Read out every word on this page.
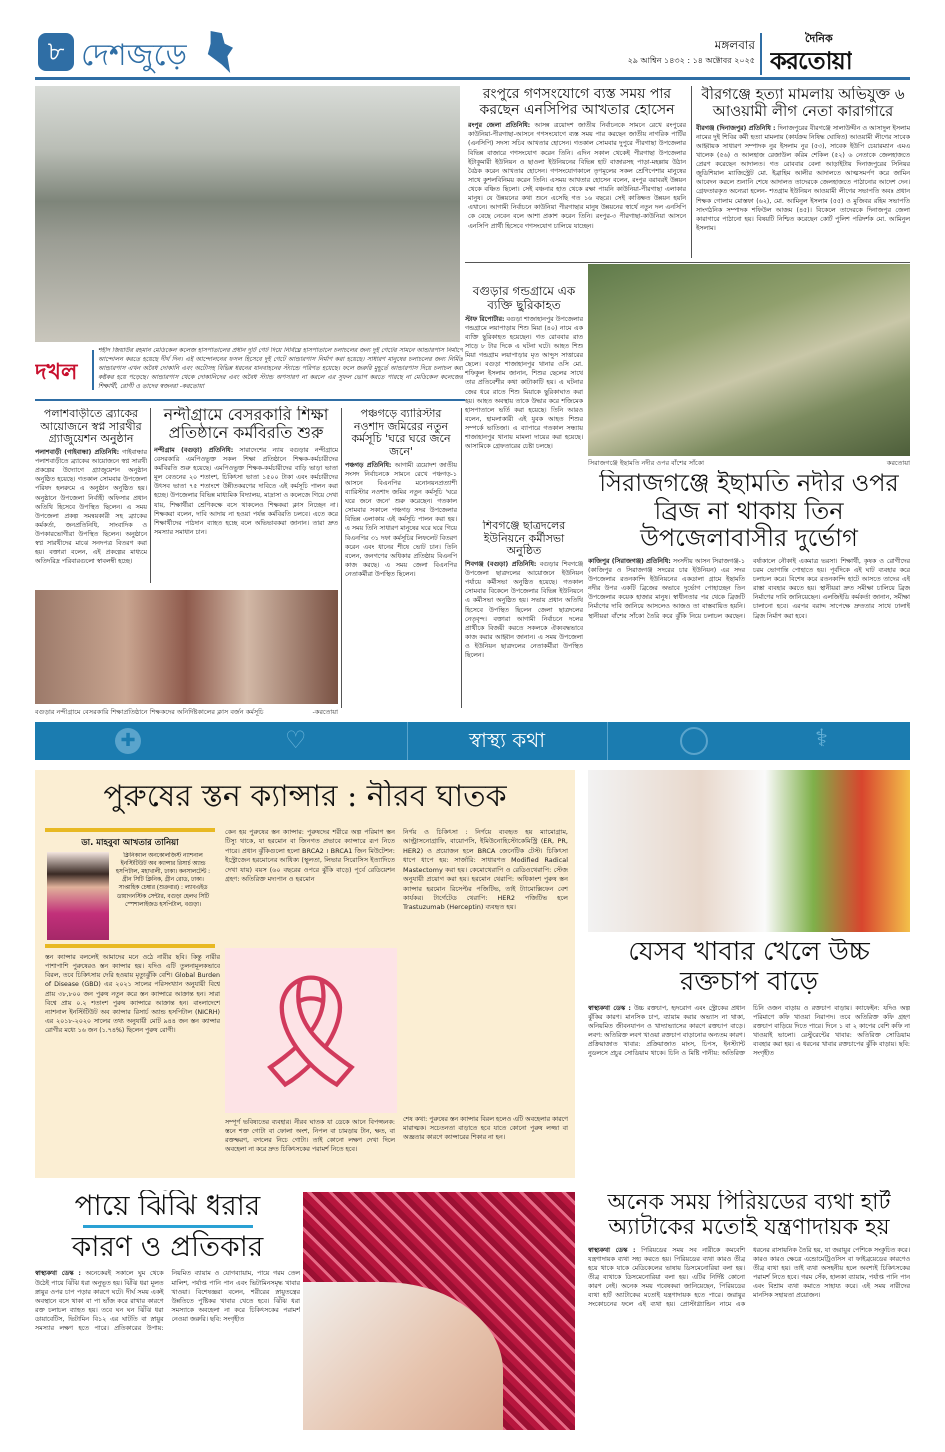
৮ দেশজুড়ে	মঙ্গলবার
২৯ আশ্বিন ১৪৩২ : ১৪ অক্টোবর ২০২৫
দৈনিক
করতোয়া
দখল
শহীদ জিয়াউর রহমান মেডিকেল কলেজ হাসপাতালের প্রধান দুটি গেট দিয়ে নির্বিঘ্নে হাসপাতালে চলাচলের জন্য দুই গেটের সামনে আন্ডারপাস নির্মাণে আন্দোলন করতে হয়েছে দীর্ঘ দিন। এই আন্দোলনের ফসল হিসেবে দুই গেটে আন্ডারপাস নির্মাণ করা হয়েছে। সাধারণ মানুষের চলাচলের জন্য নির্মিত আন্ডারপাস এখন অবৈধ দোকানি এবং অটোসহ বিভিন্ন ধরনের যানবাহনের স্ট্যান্ডে পরিণত হয়েছে। ফলে জরুরি মুহূর্তে আন্ডারপাস দিয়ে চলাচল করা কষ্টকর হয়ে পড়েছে। আন্ডারপাস থেকে দোকানিদের এবং অবৈধ স্ট্যান্ড অপসারণ না করলে এর সুফল ভোগ করতে পারছে না মেডিকেল কলেজের শিক্ষার্থী, রোগী ও তাদের স্বজনরা -করতোয়া
রংপুরে গণসংযোগে ব্যস্ত সময় পার করছেন এনসিপির আখতার হোসেন
রংপুর জেলা প্রতিনিধি: আসন্ন ত্রয়োদশ জাতীয় নির্বাচনকে সামনে রেখে রংপুরের কাউনিয়া-পীরগাছা-আসনে গণসংযোগে ব্যস্ত সময় পার করছেন জাতীয় নাগরিক পার্টির (এনসিপি) সদস্য সচিব আখতার হোসেন। গতকাল সোমবার দুপুরে পীরগাছা উপজেলার বিভিন্ন বাজারে গণসংযোগ করেন তিনি। এদিন সকাল থেকেই পীরগাছা উপজেলার ইটাকুমারী ইউনিয়ন ও ছাওলা ইউনিয়নের বিভিন্ন হাট বাজারসহ পাড়া-মহল্লায় উঠান বৈঠক করেন আখতার হোসেন। গণসংযোগকালে তৃণমূলের সকল শ্রেণিপেশার মানুষের সাথে কুশলবিনিময় করেন তিনি। এসময় আখতার হোসেন বলেন, রংপুর বরাবরই উন্নয়ন থেকে বঞ্চিত ছিলো। সেই বঞ্চনার হাত থেকে রক্ষা পায়নি কাউনিয়া-পীরগাছা এলাকার মানুষ। যে উন্নয়নের কথা শুনে এসেছি গত ১৬ বছরে। সেই কাঙ্ক্ষিত উন্নয়ন হয়নি এখানে। আগামী নির্বাচনে কাউনিয়া পীরগাছার মানুষ উন্নয়নের স্বার্থে নতুন দল এনসিপি কে বেছে নেবেন বলে আশা প্রকাশ করেন তিনি। রংপুর-৩ পীরগাছা-কাউনিয়া আসনে এনসিপি প্রার্থী হিসেবে গণসংযোগ চালিয়ে যাচ্ছেন।
বীরগঞ্জে হত্যা মামলায় অভিযুক্ত ৬ আওয়ামী লীগ নেতা কারাগারে
বীরগঞ্জ (দিনাজপুর) প্রতিনিধি : দিনাজপুরের বীরগঞ্জে সালাউদ্দীন ও আসাদুল ইসলাম নামের দুই শিবির কর্মী হত্যা মামলায় (কার্যক্রম নিষিদ্ধ ঘোষিত) আওয়ামী লীগের সাবেক আহ্বায়ক সাধারণ সম্পাদক নুর ইসলাম নুর (৫৩), সাবেক ইউপি চেয়ারম্যান এমএ খালেক (৫৬) ও আলহাজ রেজাউল করিম শেকিল (৫২) ৬ নেতাকে জেলহাজতে প্রেরণ করেছেন আদালত। গত রোববার বেলা আড়াইটায় দিনাজপুরের সিনিয়র জুডিশিয়াল ম্যাজিস্ট্রেট মো. ইব্রাহিম আলীর আদালতে আত্মসমর্পণ করে জামিন আবেদন করলে শুনানি শেষে আদালত তাদেরকে জেলহাজতে পাঠানোর আদেশ দেন। গ্রেফতারকৃত অন্যেরা হলেন- শতগ্রাম ইউনিয়ন আওয়ামী লীগের সভাপতি অবঃ প্রধান শিক্ষক গোলাম মোস্তফা (৬২), মো. আমিনুল ইসলাম (৫৫) ও মুজিবর রহিম সভাপতি সাংগঠনিক সম্পাদক শফিউল আজম (৪৫)। বিকেলে তাদেরকে দিনাজপুর জেলা কারাগারে পাঠানো হয়। বিষয়টি নিশ্চিত করেছেন কোর্ট পুলিশ পরিদর্শক মো. আমিনুল ইসলাম।
বগুড়ার গন্ডগ্রামে এক ব্যক্তি ছুরিকাহত
স্টাফ রিপোর্টার: বগুড়া শাজাহানপুর উপজেলার গন্ডগ্রামে লয়াপাড়ায় শিশু মিয়া (৪০) নামে এক ব্যক্তি ছুরিকাহত হয়েছেন। গত রোববার রাত সাড়ে ৮ টার দিকে এ ঘটনা ঘটে। আহত শিশু মিয়া গন্ডগ্রাম লয়াপাড়ার মৃত আব্দুস সাত্তারের ছেলে। বগুড়া শাজাহানপুর থানার ওসি মো. শফিকুল ইসলাম জানান, শিশুর ছেলের সাথে তার প্রতিবেশীর কথা কাটাকাটি হয়। এ ঘটনার জের ধরে রাতে শিশু মিয়াকে ছুরিকাঘাত করা হয়। আহত অবস্থায় তাকে উদ্ধার করে শজিমেক হাসপাতালে ভর্তি করা হয়েছে। তিনি আরও বলেন, হামলাকারী এই যুবক আহত শিশুর সম্পর্কে ভাতিজা। এ ব্যাপারে গতকাল সন্ধ্যায় শাজাহানপুর থানায় মামলা দায়ের করা হয়েছে। আসামিকে গ্রেফতারের চেষ্টা চলছে।
সিরাজগঞ্জে ইছামতি নদীর ওপর বাঁশের সাঁকো	করতোয়া
পলাশবাড়ীতে ব্র্যাকের আয়োজনে স্বপ্ন সারথীর গ্র্যাজুয়েশন অনুষ্ঠান
পলাশবাড়ী (গাইবান্ধা) প্রতিনিধি: গাইবান্ধার পলাশবাড়ীতে ব্র্যাকের আয়োজনে স্বপ্ন সারথী প্রকল্পের উদ্যোগে গ্র্যাজুয়েশন অনুষ্ঠান অনুষ্ঠিত হয়েছে। গতকাল সোমবার উপজেলা পরিষদ হলরুমে এ অনুষ্ঠান অনুষ্ঠিত হয়। অনুষ্ঠানে উপজেলা নির্বাহী অফিসার প্রধান অতিথি হিসেবে উপস্থিত ছিলেন। এ সময় উপজেলা প্রকল্প সমন্বয়কারী সহ ব্র্যাকের কর্মকর্তা, জনপ্রতিনিধি, সাংবাদিক ও উপকারভোগীরা উপস্থিত ছিলেন। অনুষ্ঠানে স্বপ্ন সারথীদের মাঝে সনদপত্র বিতরণ করা হয়। বক্তারা বলেন, এই প্রকল্পের মাধ্যমে অতিদরিদ্র পরিবারগুলো স্বাবলম্বী হচ্ছে।
নন্দীগ্রামে বেসরকারি শিক্ষা প্রতিষ্ঠানে কর্মবিরতি শুরু
নন্দীগ্রাম (বগুড়া) প্রতিনিধি: সারাদেশের ন্যায় বগুড়ার নন্দীগ্রামে বেসরকারি এমপিওভুক্ত সকল শিক্ষা প্রতিষ্ঠানে শিক্ষক-কর্মচারীদের কর্মবিরতি শুরু হয়েছে। এমপিওভুক্ত শিক্ষক-কর্মচারীদের বাড়ি ভাড়া ভাতা মূল বেতনের ২০ শতাংশ, চিকিৎসা ভাতা ১৫০০ টাকা এবং কর্মচারীদের উৎসব ভাতা ৭৫ শতাংশে উন্নীতকরণের দাবিতে এই কর্মসূচি পালন করা হচ্ছে। উপজেলার বিভিন্ন মাধ্যমিক বিদ্যালয়, মাদ্রাসা ও কলেজে গিয়ে দেখা যায়, শিক্ষার্থীরা শ্রেণিকক্ষে বসে থাকলেও শিক্ষকরা ক্লাস নিচ্ছেন না। শিক্ষকরা বলেন, দাবি আদায় না হওয়া পর্যন্ত কর্মবিরতি চলবে। এতে করে শিক্ষার্থীদের পাঠদান ব্যাহত হচ্ছে বলে অভিভাবকরা জানান। তারা দ্রুত সমস্যার সমাধান চান।
পঞ্চগড়ে ব্যারিস্টার নওশাদ জমিরের নতুন কর্মসূচি 'ঘরে ঘরে জনে জনে'
পঞ্চগড় প্রতিনিধি: আগামী ত্রয়োদশ জাতীয় সংসদ নির্বাচনকে সামনে রেখে পঞ্চগড়-১ আসনে বিএনপির মনোনয়নপ্রত্যাশী ব্যারিস্টার নওশাদ জমির নতুন কর্মসূচি 'ঘরে ঘরে জনে জনে' শুরু করেছেন। গতকাল সোমবার সকালে পঞ্চগড় সদর উপজেলার বিভিন্ন এলাকায় এই কর্মসূচি পালন করা হয়। এ সময় তিনি সাধারণ মানুষের ঘরে ঘরে গিয়ে বিএনপির ৩১ দফা কর্মসূচির লিফলেট বিতরণ করেন এবং ধানের শীষে ভোট চান। তিনি বলেন, জনগণের অধিকার প্রতিষ্ঠায় বিএনপি কাজ করছে। এ সময় জেলা বিএনপির নেতাকর্মীরা উপস্থিত ছিলেন।
বগুড়ার নন্দীগ্রামে বেসরকারি শিক্ষাপ্রতিষ্ঠানে শিক্ষকদের অনির্দিষ্টকালের ক্লাস বর্জন কর্মসূচি	-করতোয়া
শিবগঞ্জে ছাত্রদলের ইউনিয়নে কর্মীসভা অনুষ্ঠিত
শিবগঞ্জ (বগুড়া) প্রতিনিধি: বগুড়ার শিবগঞ্জে উপজেলা ছাত্রদলের আয়োজনে ইউনিয়ন পর্যায়ে কর্মীসভা অনুষ্ঠিত হয়েছে। গতকাল সোমবার বিকেলে উপজেলার বিভিন্ন ইউনিয়নে এ কর্মীসভা অনুষ্ঠিত হয়। সভায় প্রধান অতিথি হিসেবে উপস্থিত ছিলেন জেলা ছাত্রদলের নেতৃবৃন্দ। বক্তারা আগামী নির্বাচনে দলের প্রার্থীকে বিজয়ী করতে সকলকে ঐক্যবদ্ধভাবে কাজ করার আহ্বান জানান। এ সময় উপজেলা ও ইউনিয়ন ছাত্রদলের নেতাকর্মীরা উপস্থিত ছিলেন।
সিরাজগঞ্জে ইছামতি নদীর ওপর ব্রিজ না থাকায় তিন উপজেলাবাসীর দুর্ভোগ
কাজিপুর (সিরাজগঞ্জ) প্রতিনিধি: সংসদীয় আসন সিরাজগঞ্জ-১ (কাজিপুর ও সিরাজগঞ্জ সদরের চার ইউনিয়ন) এর সদর উপজেলার রতনকান্দি ইউনিয়নের একডালা গ্রামে ইছামতি নদীর উপর একটি ব্রিজের অভাবে দুর্ভোগ পোহাচ্ছেন তিন উপজেলার কয়েক হাজার মানুষ। স্বাধীনতার পর থেকে ব্রিজটি নির্মাণের দাবি জানিয়ে আসলেও আজও তা বাস্তবায়িত হয়নি। স্থানীয়রা বাঁশের সাঁকো তৈরি করে ঝুঁকি নিয়ে চলাচল করছেন। বর্ষাকালে নৌকাই একমাত্র ভরসা। শিক্ষার্থী, কৃষক ও রোগীদের চরম ভোগান্তি পোহাতে হয়। পূর্বদিকে এই ঘাট ব্যবহার করে চলাচল করে। বিশেষ করে রতনকান্দি হাটে আসতে তাদের এই রাস্তা ব্যবহার করতে হয়। স্থানীয়রা দ্রুত সমীক্ষা চালিয়ে ব্রিজ নির্মাণের দাবি জানিয়েছেন। এলজিইডি কর্মকর্তা জানান, সমীক্ষা চালানো হবে। এরপর বরাদ্দ সাপেক্ষে দ্রুততার সাথে ঢালাই ব্রিজ নির্মাণ করা হবে।
✚	♡	স্বাস্থ্য কথা	⚕
পুরুষের স্তন ক্যান্সার : নীরব ঘাতক
ডা. মাহবুবা আখতার তানিয়া
ক্লিনিক্যাল অনকোলজিস্ট ন্যাশনাল ইনস্টিটিউট অব ক্যান্সার রিসার্চ অ্যান্ড হসপিটাল, মহাখালী, ঢাকা। কনসালটেন্ট : গ্রীন সিটি ক্লিনিক, গ্রীন রোড, ঢাকা। সাপ্তাহিক চেম্বার (শুক্রবার) : ল্যাবএইড ডায়াগনস্টিক সেন্টার, বগুড়া হেলথ সিটি স্পেশালাইজড হসপিটাল, বগুড়া।
স্তন ক্যান্সার বললেই আমাদের মনে ওঠে নারীর ছবি। কিন্তু নারীর পাশাপাশি পুরুষেরও স্তন ক্যান্সার হয়। যদিও এটি তুলনামূলকভাবে বিরল, তবে চিকিৎসায় দেরি হওয়ায় মৃত্যুঝুঁকি বেশি। Global Burden of Disease (GBD) এর ২০২১ সালের পরিসংখ্যান অনুযায়ী বিশ্বে প্রায় ৩৮,৮০০ জন পুরুষ নতুন করে স্তন ক্যান্সারে আক্রান্ত হন। সারা বিশ্বে প্রায় ০.২ শতাংশ পুরুষ ক্যান্সারে আক্রান্ত হন। বাংলাদেশে ন্যাশনাল ইনস্টিটিউট অব ক্যান্সার রিসার্চ অ্যান্ড হসপিটাল (NICRH) এর ২০১৮-২০২০ সালের তথ্য অনুযায়ী মোট ৯৪৪ জন স্তন ক্যান্সার রোগীর মধ্যে ১৬ জন (১.৭৪%) ছিলেন পুরুষ রোগী।
কেন হয় পুরুষের স্তন ক্যান্সার: পুরুষদের শরীরে অল্প পরিমাণ স্তন টিস্যু থাকে, যা হরমোন বা জিনগত প্রভাবে ক্যান্সারে রূপ নিতে পারে। প্রধান ঝুঁকিগুলো হলো BRCA2 । BRCA1 জিন মিউটেশন: ইস্ট্রোজেন হরমোনের আধিক্য (স্থূলতা, লিভার সিরোসিস ইত্যাদিতে দেখা যায়) বয়স (৬০ বছরের ওপরে ঝুঁকি বাড়ে) পূর্বে রেডিয়েশন গ্রহণ: অতিরিক্ত মদ্যপান ও হরমোন
নির্ণয় ও চিকিৎসা : নির্ণয়ে ব্যবহৃত হয় ম্যামোগ্রাম, আল্ট্রাসনোগ্রাফি, বায়োপসি, ইমিউনোহিস্টোকেমিস্ট্রি (ER, PR, HER2) ও প্রয়োজন হলে BRCA জেনেটিক টেস্ট। চিকিৎসা ধাপে ধাপে হয়: সার্জারি: সাধারণত Modified Radical Mastectomy করা হয়। কেমোথেরাপি ও রেডিওথেরাপি: স্টেজ অনুযায়ী প্রয়োগ করা হয়। হরমোন থেরাপি: অধিকাংশ পুরুষ স্তন ক্যান্সার হরমোন রিসেপ্টর পজিটিভ, তাই ট্যামোক্সিফেন বেশ কার্যকর। টার্গেটেড থেরাপি: HER2 পজিটিভ হলে Trastuzumab (Herceptin) ব্যবহৃত হয়।
🎗
সম্পূর্ণ ভবিষ্যতের ব্যবহার। নীরব ঘাতক যা ডেকে আনে বিপজ্জনক: স্তনে শক্ত গোটা বা ফোলা অংশ, নিপল বা চামড়ায় টান, ক্ষত, বা রক্তক্ষরণ, বগলের নিচে গোটা। তাই কোনো লক্ষণ দেখা দিলে অবহেলা না করে দ্রুত চিকিৎসকের পরামর্শ নিতে হবে।
শেষ কথা: পুরুষের স্তন ক্যান্সার বিরল হলেও এটি অবহেলার কারণে মারাত্মক। সচেতনতা বাড়াতে হবে যাতে কোনো পুরুষ লজ্জা বা অজ্ঞতার কারণে ক্যান্সারের শিকার না হন।
যেসব খাবার খেলে উচ্চ রক্তচাপ বাড়ে
স্বাস্থ্যকথা ডেস্ক : উচ্চ রক্তচাপ, হৃদরোগ এবং স্ট্রোকের প্রধান ঝুঁকির কারণ। মানসিক চাপ, ব্যায়াম করার অভ্যাস না থাকা, অনিয়মিত জীবনযাপন ও খাদ্যাভ্যাসের কারণে রক্তচাপ বাড়ে। লবণ: অতিরিক্ত লবণ খাওয়া রক্তচাপ বাড়ানোর অন্যতম কারণ। প্রক্রিয়াজাত খাবার: প্রক্রিয়াজাত মাংস, চিপস, ইনস্ট্যান্ট নুডলসে প্রচুর সোডিয়াম থাকে। চিনি ও মিষ্টি পানীয়: অতিরিক্ত চিনি ওজন বাড়ায় ও রক্তচাপ বাড়ায়। ক্যাফেইন: যদিও অল্প পরিমাণে কফি খাওয়া নিরাপদ। তবে অতিরিক্ত কফি গ্রহণ রক্তচাপ বাড়িয়ে দিতে পারে। দিনে ১ বা ২ কাপের বেশি কফি না খাওয়াই ভালো। রেস্টুরেন্টের খাবার: অতিরিক্ত সোডিয়াম ব্যবহার করা হয়। এ ধরনের খাবার রক্তচাপের ঝুঁকি বাড়ায়। ছবি: সংগৃহীত
পায়ে ঝিঁঝি ধরার
কারণ ও প্রতিকার
স্বাস্থ্যকথা ডেস্ক : অনেকেরই সকালে ঘুম থেকে উঠেই পায়ে ঝিঁঝি ধরা অনুভূত হয়। ঝিঁঝি ধরা মূলত স্নায়ুর ওপর চাপ পড়ার কারণে ঘটে। দীর্ঘ সময় একই অবস্থানে বসে থাকা বা পা ভাঁজ করে রাখার কারণে রক্ত চলাচল ব্যাহত হয়। তবে ঘন ঘন ঝিঁঝি ধরা ডায়াবেটিস, ভিটামিন বি১২ এর ঘাটতি বা স্নায়ুর সমস্যার লক্ষণ হতে পারে। প্রতিকারের উপায়: নিয়মিত ব্যায়াম ও যোগব্যায়াম, পায়ে গরম তেল মালিশ, পর্যাপ্ত পানি পান এবং ভিটামিনসমৃদ্ধ খাবার খাওয়া। বিশেষজ্ঞরা বলেন, শরীরের স্নায়ুতন্ত্রের উন্নতিতে পুষ্টিকর খাবার খেতে হবে। ঝিঁঝি ধরা সমস্যাকে অবহেলা না করে চিকিৎসকের পরামর্শ নেওয়া জরুরি। ছবি: সংগৃহীত
অনেক সময় পিরিয়ডের ব্যথা হার্ট অ্যাটাকের মতোই যন্ত্রণাদায়ক হয়
স্বাস্থ্যকথা ডেস্ক : পিরিয়ডের সময় সব নারীকে কমবেশি যন্ত্রণাদায়ক ব্যথা সহ্য করতে হয়। পিরিয়ডের ব্যথা কারও তীব্র হয়ে থাকে যাকে মেডিকেলের ভাষায় ডিসমেনোরিয়া বলা হয়। তীব্র ব্যথাকে ডিসমেনোরিয়া বলা হয়। এটির নির্দিষ্ট কোনো কারণ নেই। অনেক সময় গবেষকরা জানিয়েছেন, পিরিয়ডের ব্যথা হার্ট অ্যাটাকের মতোই যন্ত্রণাদায়ক হতে পারে। জরায়ুর সংকোচনের ফলে এই ব্যথা হয়। প্রোস্টাগ্ল্যান্ডিন নামে এক ধরনের রাসায়নিক তৈরি হয়, যা জরায়ুর পেশিকে সংকুচিত করে। কারও কারও ক্ষেত্রে এন্ডোমেট্রিওসিস বা ফাইব্রয়েডের কারণেও তীব্র ব্যথা হয়। তাই ব্যথা অসহনীয় হলে অবশ্যই চিকিৎসকের পরামর্শ নিতে হবে। গরম সেঁক, হালকা ব্যায়াম, পর্যাপ্ত পানি পান এবং বিশ্রাম ব্যথা কমাতে সাহায্য করে। এই সময় নারীদের মানসিক সহায়তা প্রয়োজন।
